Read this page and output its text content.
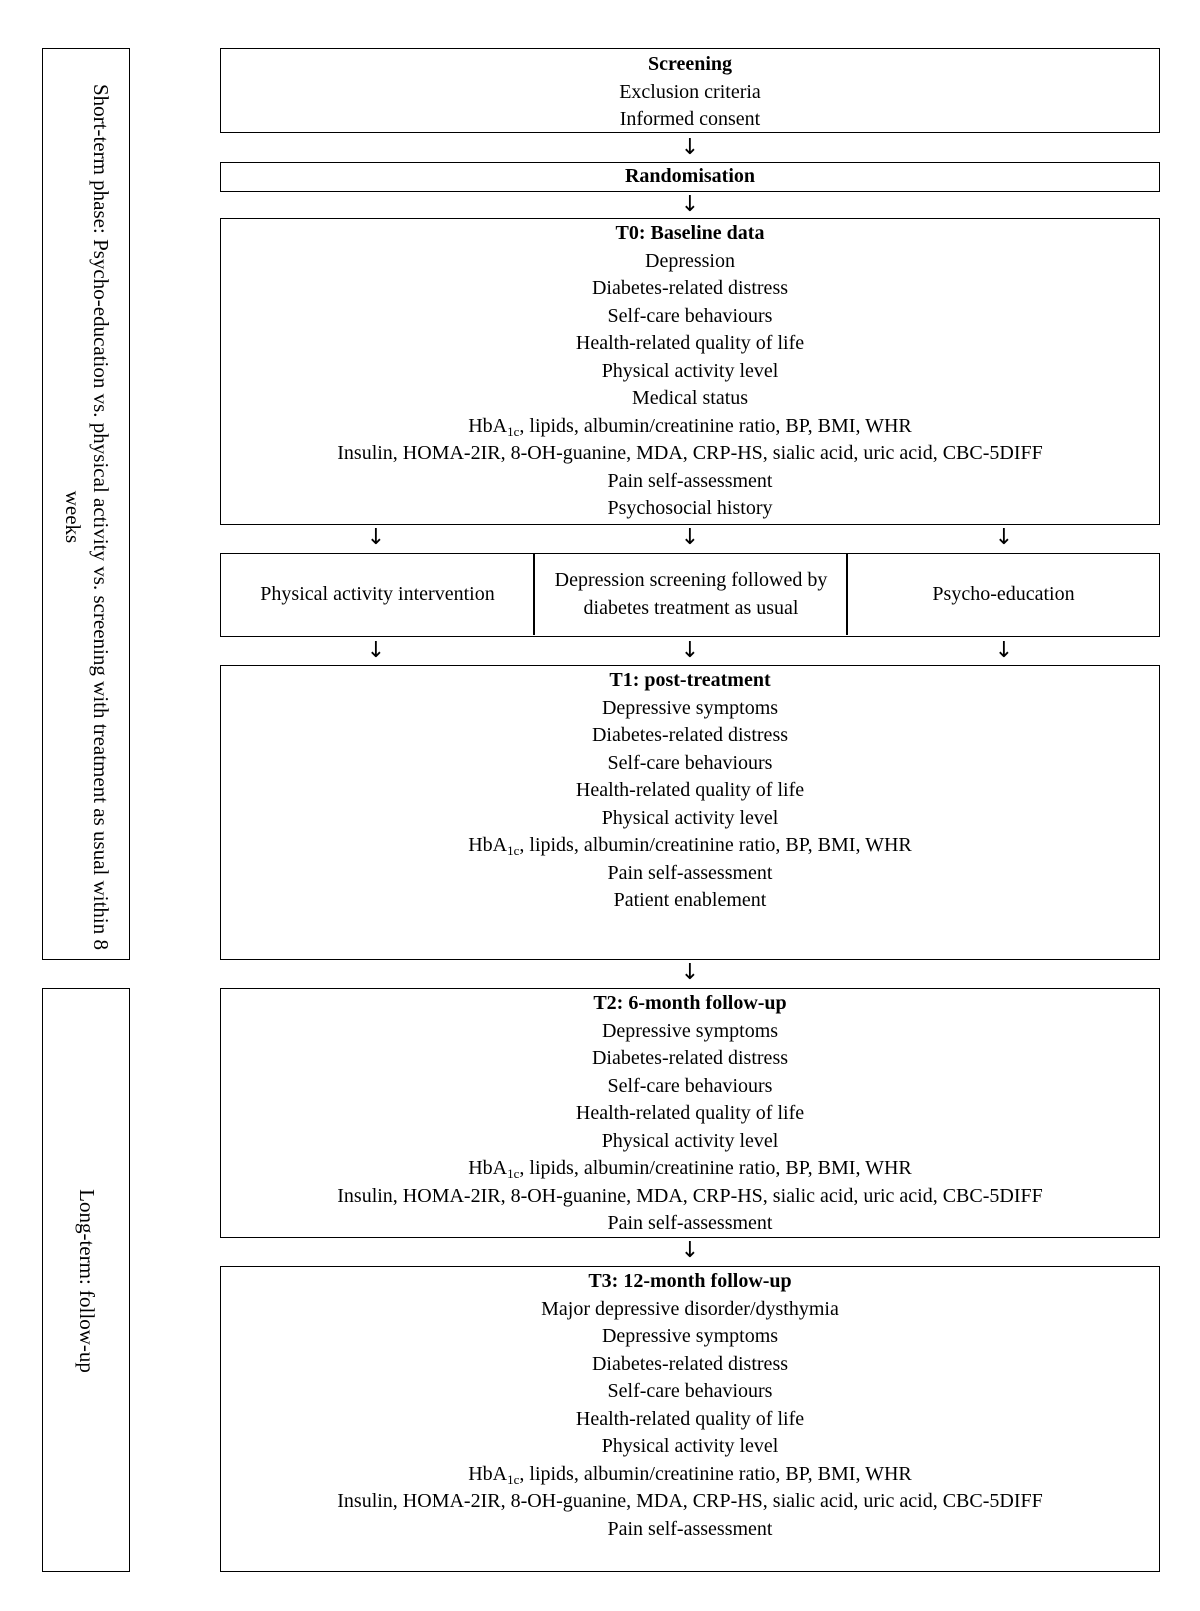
Short-term phase: Psycho-education vs. physical activity vs. screening with treatment as usual within 8 weeks
Long-term: follow-up
Screening
Exclusion criteria
Informed consent
↓
Randomisation
↓
T0: Baseline data
Depression
Diabetes-related distress
Self-care behaviours
Health-related quality of life
Physical activity level
Medical status
HbA$_{1c}$, lipids, albumin/creatinine ratio, BP, BMI, WHR
Insulin, HOMA-2IR, 8-OH-guanine, MDA, CRP-HS, sialic acid, uric acid, CBC-5DIFF
Pain self-assessment
Psychosocial history
↓	↓	↓
Physical activity intervention
Depression screening followed by diabetes treatment as usual
Psycho-education
↓	↓	↓
T1: post-treatment
Depressive symptoms
Diabetes-related distress
Self-care behaviours
Health-related quality of life
Physical activity level
HbA$_{1c}$, lipids, albumin/creatinine ratio, BP, BMI, WHR
Pain self-assessment
Patient enablement
↓
T2: 6-month follow-up
Depressive symptoms
Diabetes-related distress
Self-care behaviours
Health-related quality of life
Physical activity level
HbA$_{1c}$, lipids, albumin/creatinine ratio, BP, BMI, WHR
Insulin, HOMA-2IR, 8-OH-guanine, MDA, CRP-HS, sialic acid, uric acid, CBC-5DIFF
Pain self-assessment
↓
T3: 12-month follow-up
Major depressive disorder/dysthymia
Depressive symptoms
Diabetes-related distress
Self-care behaviours
Health-related quality of life
Physical activity level
HbA$_{1c}$, lipids, albumin/creatinine ratio, BP, BMI, WHR
Insulin, HOMA-2IR, 8-OH-guanine, MDA, CRP-HS, sialic acid, uric acid, CBC-5DIFF
Pain self-assessment
